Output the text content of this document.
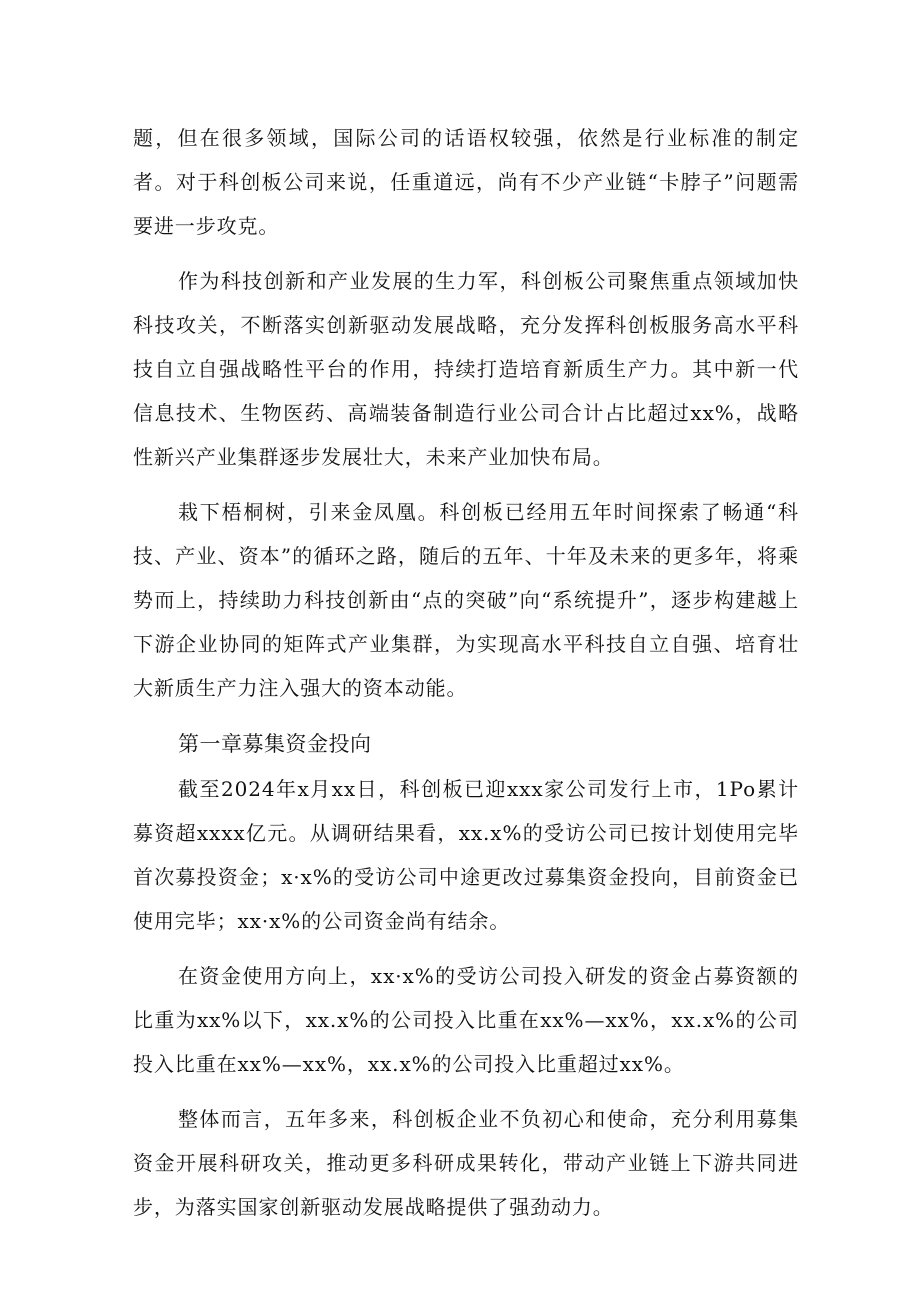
题，但在很多领域，国际公司的话语权较强，依然是行业标准的制定者。对于科创板公司来说，任重道远，尚有不少产业链“卡脖子”问题需要进一步攻克。

作为科技创新和产业发展的生力军，科创板公司聚焦重点领域加快科技攻关，不断落实创新驱动发展战略，充分发挥科创板服务高水平科技自立自强战略性平台的作用，持续打造培育新质生产力。其中新一代信息技术、生物医药、高端装备制造行业公司合计占比超过xx%，战略性新兴产业集群逐步发展壮大，未来产业加快布局。

栽下梧桐树，引来金凤凰。科创板已经用五年时间探索了畅通“科技、产业、资本”的循环之路，随后的五年、十年及未来的更多年，将乘势而上，持续助力科技创新由“点的突破”向“系统提升”，逐步构建越上下游企业协同的矩阵式产业集群，为实现高水平科技自立自强、培育壮大新质生产力注入强大的资本动能。

第一章募集资金投向

截至2024年x月xx日，科创板已迎xxx家公司发行上市，1Po累计募资超xxxx亿元。从调研结果看，xx.x%的受访公司已按计划使用完毕首次募投资金；x·x%的受访公司中途更改过募集资金投向，目前资金已使用完毕；xx·x%的公司资金尚有结余。

在资金使用方向上，xx·x%的受访公司投入研发的资金占募资额的比重为xx%以下，xx.x%的公司投入比重在xx%—xx%，xx.x%的公司投入比重在xx%—xx%，xx.x%的公司投入比重超过xx%。

整体而言，五年多来，科创板企业不负初心和使命，充分利用募集资金开展科研攻关，推动更多科研成果转化，带动产业链上下游共同进步，为落实国家创新驱动发展战略提供了强劲动力。
